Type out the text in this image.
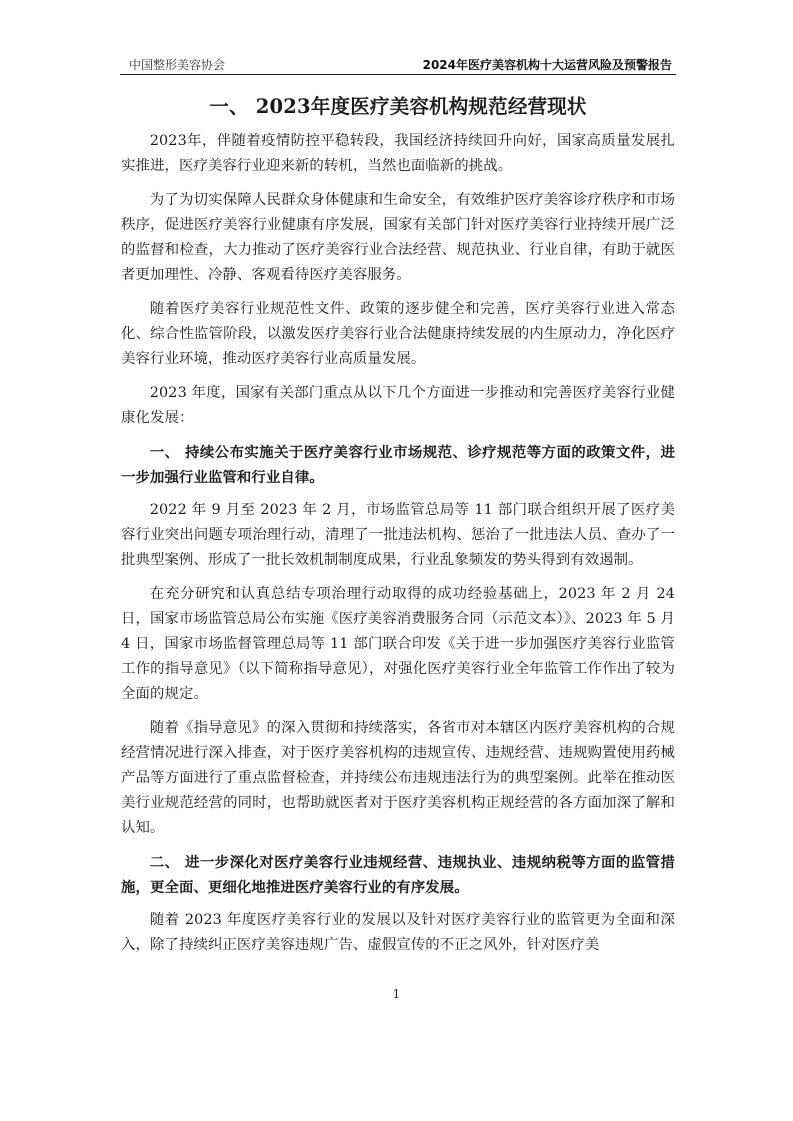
中国整形美容协会	2024年医疗美容机构十大运营风险及预警报告
一、 2023年度医疗美容机构规范经营现状

2023年，伴随着疫情防控平稳转段，我国经济持续回升向好，国家高质量发展扎实推进，医疗美容行业迎来新的转机，当然也面临新的挑战。

为了为切实保障人民群众身体健康和生命安全，有效维护医疗美容诊疗秩序和市场秩序，促进医疗美容行业健康有序发展，国家有关部门针对医疗美容行业持续开展广泛的监督和检查，大力推动了医疗美容行业合法经营、规范执业、行业自律，有助于就医者更加理性、冷静、客观看待医疗美容服务。

随着医疗美容行业规范性文件、政策的逐步健全和完善，医疗美容行业进入常态化、综合性监管阶段，以激发医疗美容行业合法健康持续发展的内生原动力，净化医疗美容行业环境，推动医疗美容行业高质量发展。

2023 年度，国家有关部门重点从以下几个方面进一步推动和完善医疗美容行业健康化发展：

一、 持续公布实施关于医疗美容行业市场规范、诊疗规范等方面的政策文件，进一步加强行业监管和行业自律。

2022 年 9 月至 2023 年 2 月，市场监管总局等 11 部门联合组织开展了医疗美容行业突出问题专项治理行动，清理了一批违法机构、惩治了一批违法人员、查办了一批典型案例、形成了一批长效机制制度成果，行业乱象频发的势头得到有效遏制。

在充分研究和认真总结专项治理行动取得的成功经验基础上，2023 年 2 月 24 日，国家市场监管总局公布实施《医疗美容消费服务合同（示范文本）》、2023 年 5 月 4 日，国家市场监督管理总局等 11 部门联合印发《关于进一步加强医疗美容行业监管工作的指导意见》（以下简称指导意见），对强化医疗美容行业全年监管工作作出了较为全面的规定。

随着《指导意见》的深入贯彻和持续落实，各省市对本辖区内医疗美容机构的合规经营情况进行深入排查，对于医疗美容机构的违规宣传、违规经营、违规购置使用药械产品等方面进行了重点监督检查，并持续公布违规违法行为的典型案例。此举在推动医美行业规范经营的同时，也帮助就医者对于医疗美容机构正规经营的各方面加深了解和认知。

二、 进一步深化对医疗美容行业违规经营、违规执业、违规纳税等方面的监管措施，更全面、更细化地推进医疗美容行业的有序发展。

随着 2023 年度医疗美容行业的发展以及针对医疗美容行业的监管更为全面和深入，除了持续纠正医疗美容违规广告、虚假宣传的不正之风外，针对医疗美

1
